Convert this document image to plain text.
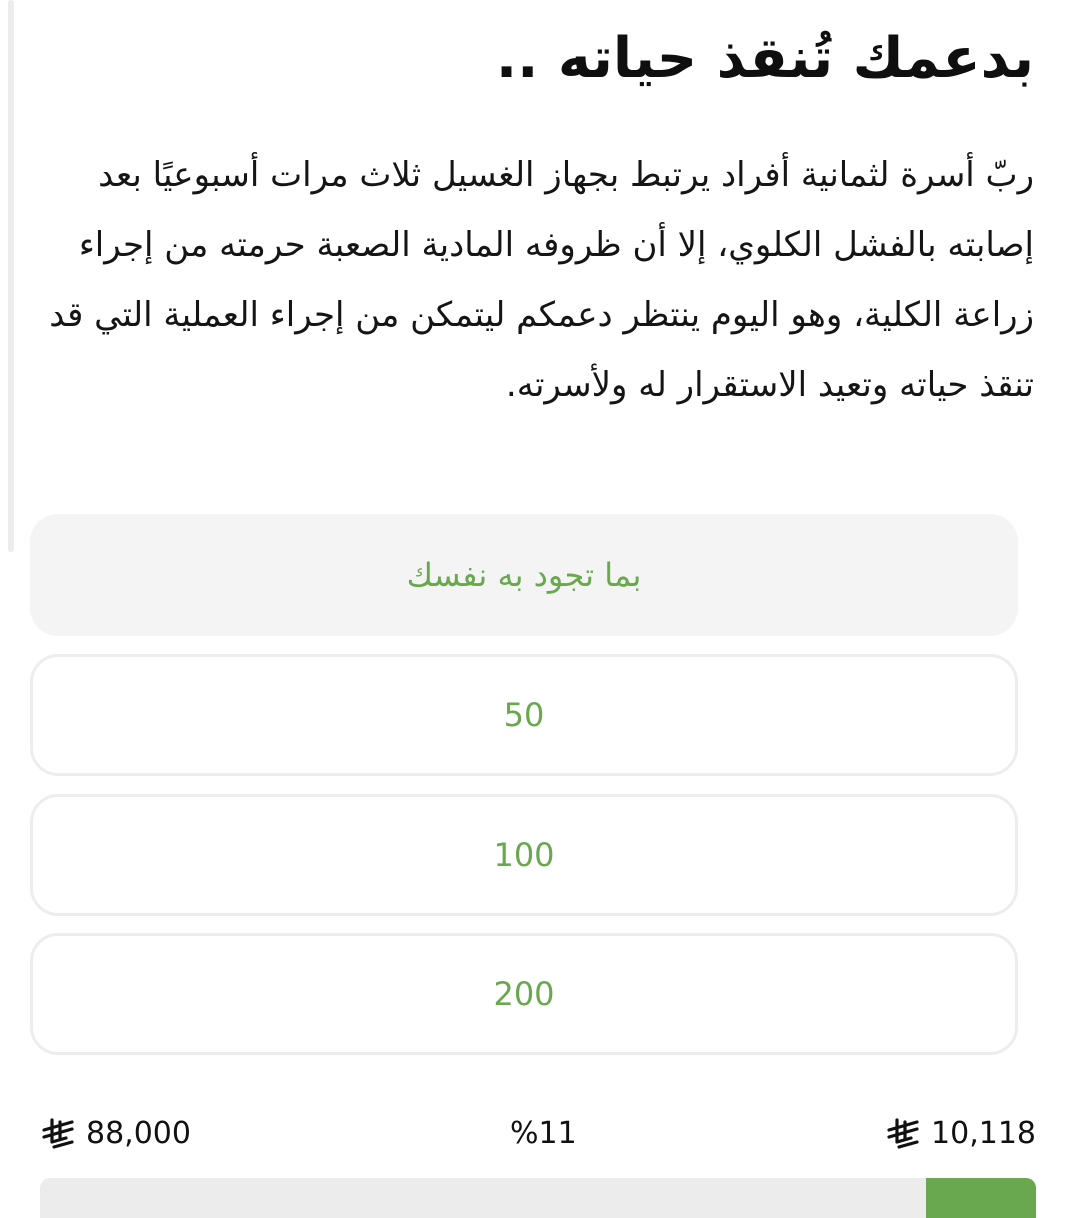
بدعمك تُنقذ حياته ..

ربّ أسرة لثمانية أفراد يرتبط بجهاز الغسيل ثلاث مرات أسبوعيًا بعد إصابته بالفشل الكلوي، إلا أن ظروفه المادية الصعبة حرمته من إجراء زراعة الكلية، وهو اليوم ينتظر دعمكم ليتمكن من إجراء العملية التي قد تنقذ حياته وتعيد الاستقرار له ولأسرته.

بما تجود به نفسك
50
100
200
88,000	%11	10,118
